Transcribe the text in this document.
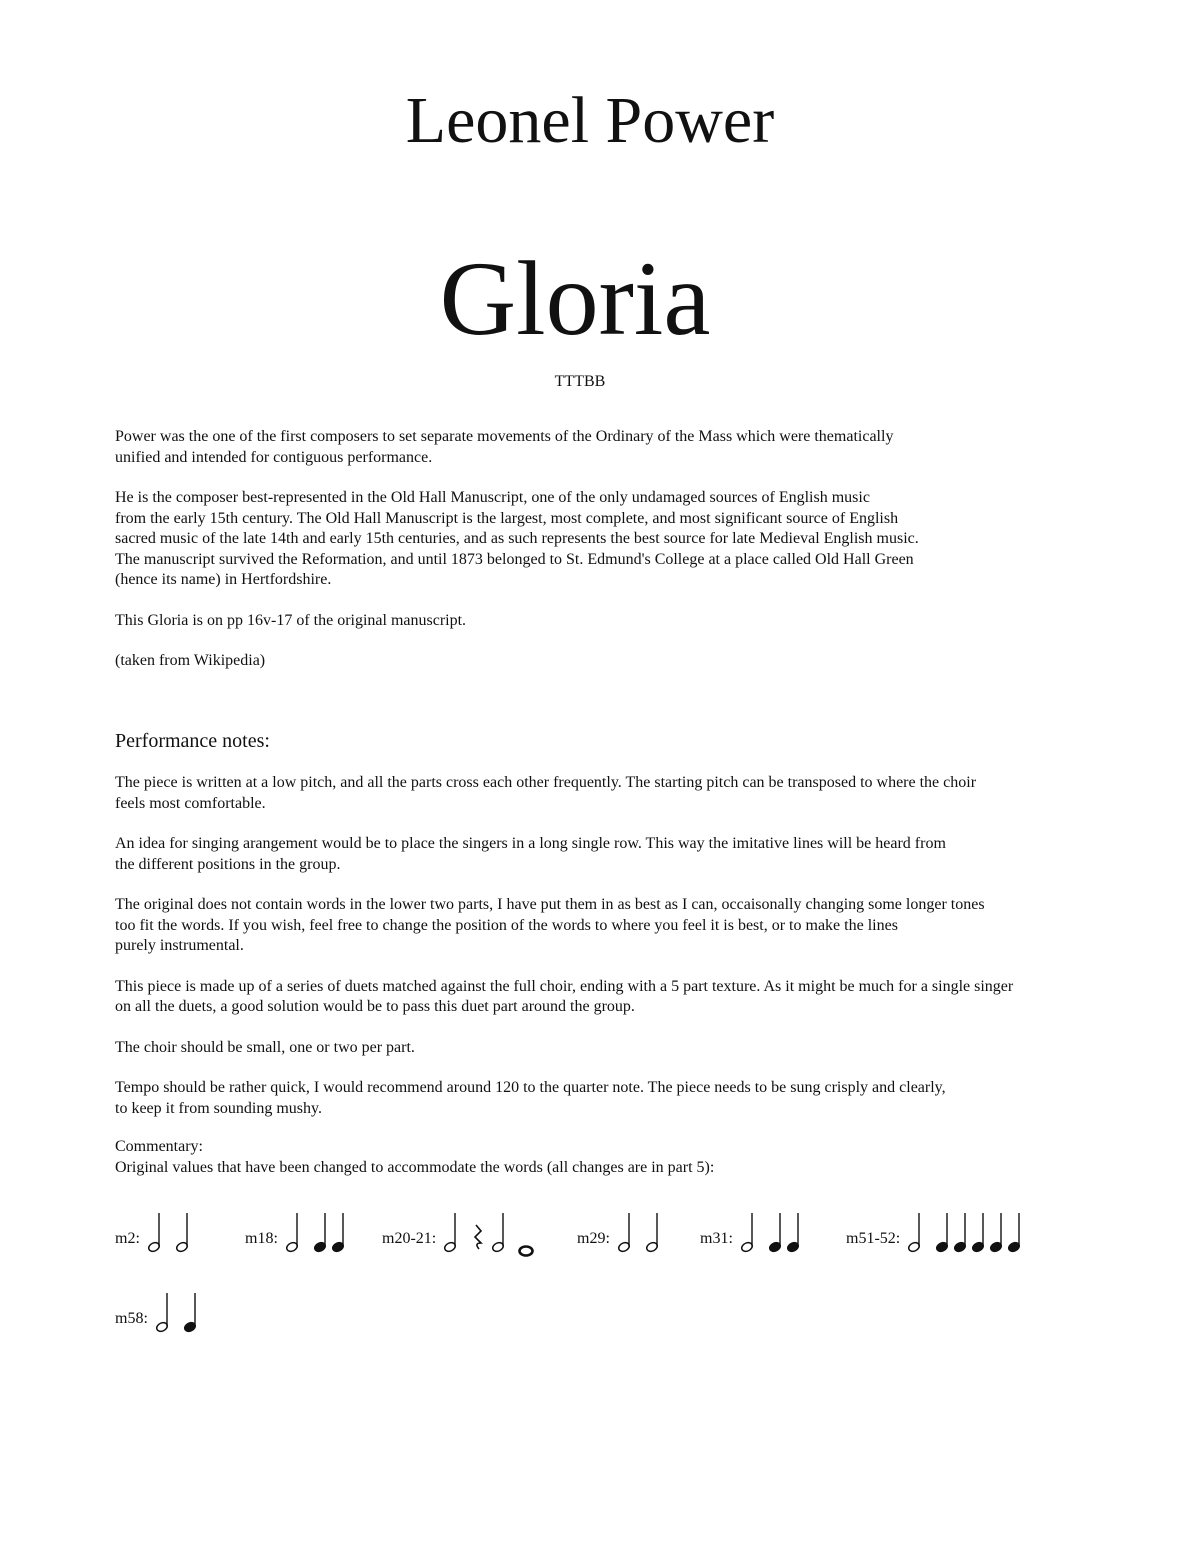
Leonel Power
Gloria
TTTBB

Power was the one of the first composers to set separate movements of the Ordinary of the Mass which were thematically
unified and intended for contiguous performance.

He is the composer best-represented in the Old Hall Manuscript, one of the only undamaged sources of English music
from the early 15th century. The Old Hall Manuscript is the largest, most complete, and most significant source of English
sacred music of the late 14th and early 15th centuries, and as such represents the best source for late Medieval English music.
The manuscript survived the Reformation, and until 1873 belonged to St. Edmund's College at a place called Old Hall Green
(hence its name) in Hertfordshire.

This Gloria is on pp 16v-17 of the original manuscript.

(taken from Wikipedia)

Performance notes:

The piece is written at a low pitch, and all the parts cross each other frequently. The starting pitch can be transposed to where the choir
feels most comfortable.

An idea for singing arangement would be to place the singers in a long single row. This way the imitative lines will be heard from
the different positions in the group.

The original does not contain words in the lower two parts, I have put them in as best as I can, occaisonally changing some longer tones
too fit the words. If you wish, feel free to change the position of the words to where you feel it is best, or to make the lines
purely instrumental.

This piece is made up of a series of duets matched against the full choir, ending with a 5 part texture. As it might be much for a single singer
on all the duets, a good solution would be to pass this duet part around the group.

The choir should be small, one or two per part.

Tempo should be rather quick, I would recommend around 120 to the quarter note. The piece needs to be sung crisply and clearly,
to keep it from sounding mushy.

Commentary:

Original values that have been changed to accommodate the words (all changes are in part 5):

m2:	m18:	m20-21:	m29:	m31:	m51-52:
m58:
